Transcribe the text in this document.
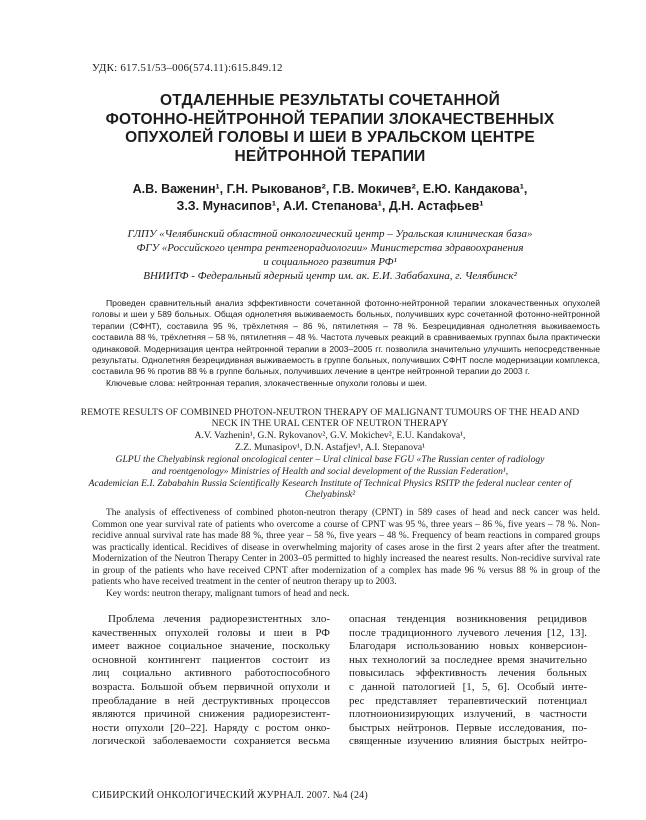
УДК: 617.51/53–006(574.11):615.849.12
ОТДАЛЕННЫЕ РЕЗУЛЬТАТЫ СОЧЕТАННОЙ
ФОТОННО-НЕЙТРОННОЙ ТЕРАПИИ ЗЛОКАЧЕСТВЕННЫХ
ОПУХОЛЕЙ ГОЛОВЫ И ШЕИ В УРАЛЬСКОМ ЦЕНТРЕ
НЕЙТРОННОЙ ТЕРАПИИ
А.В. Важенин¹, Г.Н. Рыкованов², Г.В. Мокичев², Е.Ю. Кандакова¹,
З.З. Мунасипов¹, А.И. Степанова¹, Д.Н. Астафьев¹
ГЛПУ «Челябинский областной онкологический центр – Уральская клиническая база»
ФГУ «Российского центра рентгенорадиологии» Министерства здравоохранения
и социального развития РФ¹
ВНИИТФ - Федеральный ядерный центр им. ак. Е.И. Забабахина, г. Челябинск²
Проведен сравнительный анализ эффективности сочетанной фотонно-нейтронной терапии злокачественных опухолей головы и шеи у 589 больных. Общая однолетняя выживаемость больных, получивших курс сочетанной фотонно-нейтронной терапии (СФНТ), составила 95 %, трёхлетняя – 86 %, пятилетняя – 78 %. Безрецидивная однолетняя выживаемость составила 88 %, трёхлетняя – 58 %, пятилетняя – 48 %. Частота лучевых реакций в сравниваемых группах была практически одинаковой. Модернизация центра нейтронной терапии в 2003–2005 гг. позволила значительно улучшить непосредственные результаты. Однолетняя безрецидивная выживаемость в группе больных, получивших СФНТ после модернизации комплекса, составила 96 % против 88 % в группе больных, получивших лечение в центре нейтронной терапии до 2003 г.
Ключевые слова: нейтронная терапия, злокачественные опухоли головы и шеи.
REMOTE RESULTS OF COMBINED PHOTON-NEUTRON THERAPY OF MALIGNANT TUMOURS OF THE HEAD AND
NECK IN THE URAL CENTER OF NEUTRON THERAPY
A.V. Vazhenin¹, G.N. Rykovanov², G.V. Mokichev², E.U. Kandakova¹,
Z.Z. Munasipov¹, D.N. Astafjev¹, A.I. Stepanova¹
GLPU the Chelyabinsk regional oncological center – Ural clinical base FGU «The Russian center of radiology
and roentgenology» Ministries of Health and social development of the Russian Federation¹,
Academician E.I. Zababahin Russia Scientifically Kesearch Institute of Technical Physics RSITP the federal nuclear center of
Chelyabinsk²
The analysis of effectiveness of combined photon-neutron therapy (CPNT) in 589 cases of head and neck cancer was held. Common one year survival rate of patients who overcome a course of CPNT was 95 %, three years – 86 %, five years – 78 %. Non-recidive annual survival rate has made 88 %, three year – 58 %, five years – 48 %. Frequency of beam reactions in compared groups was practically identical. Recidives of disease in overwhelming majority of cases arose in the first 2 years after after the treatment. Modernization of the Neutron Therapy Center in 2003–05 permitted to highly increased the nearest results. Non-recidive survival rate in group of the patients who have received CPNT after modernization of a complex has made 96 % versus 88 % in group of the patients who have received treatment in the center of neutron therapy up to 2003.
Key words: neutron therapy, malignant tumors of head and neck.
Проблема лечения радиорезистентных зло-
качественных опухолей головы и шеи в РФ
имеет важное социальное значение, поскольку
основной контингент пациентов состоит из
лиц социально активного работоспособного
возраста. Большой объем первичной опухоли и
преобладание в ней деструктивных процессов
являются причиной снижения радиорезистент-
ности опухоли [20–22]. Наряду с ростом онко-
логической заболеваемости сохраняется весьма
опасная тенденция возникновения рецидивов
после традиционного лучевого лечения [12, 13].
Благодаря использованию новых конверсион-
ных технологий за последнее время значительно
повысилась эффективность лечения больных
с данной патологией [1, 5, 6]. Особый инте-
рес представляет терапевтический потенциал
плотноионизирующих излучений, в частности
быстрых нейтронов. Первые исследования, по-
священные изучению влияния быстрых нейтро-
СИБИРСКИЙ ОНКОЛОГИЧЕСКИЙ ЖУРНАЛ. 2007. №4 (24)
